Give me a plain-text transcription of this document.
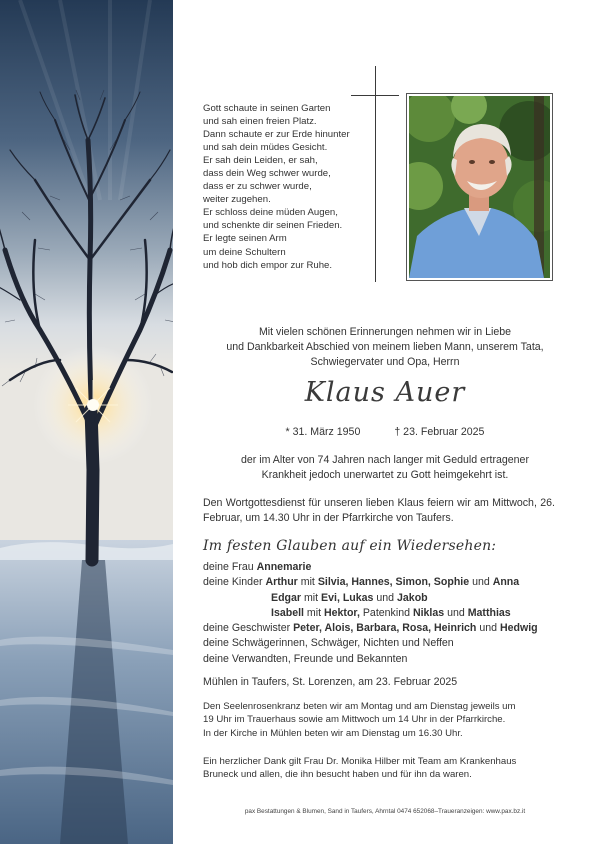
Gott schaute in seinen Garten
und sah einen freien Platz.
Dann schaute er zur Erde hinunter
und sah dein müdes Gesicht.
Er sah dein Leiden, er sah,
dass dein Weg schwer wurde,
dass er zu schwer wurde,
weiter zugehen.
Er schloss deine müden Augen,
und schenkte dir seinen Frieden.
Er legte seinen Arm
um deine Schultern
und hob dich empor zur Ruhe.
Mit vielen schönen Erinnerungen nehmen wir in Liebe
und Dankbarkeit Abschied von meinem lieben Mann, unserem Tata,
Schwiegervater und Opa, Herrn
Klaus Auer
* 31. März 1950	† 23. Februar 2025
der im Alter von 74 Jahren nach langer mit Geduld ertragener
Krankheit jedoch unerwartet zu Gott heimgekehrt ist.
Den Wortgottesdienst für unseren lieben Klaus feiern wir am Mittwoch, 26. Februar, um 14.30 Uhr in der Pfarrkirche von Taufers.
Im festen Glauben auf ein Wiedersehen:
deine Frau Annemarie
deine Kinder Arthur mit Silvia, Hannes, Simon, Sophie und Anna
Edgar mit Evi, Lukas und Jakob
Isabell mit Hektor, Patenkind Niklas und Matthias
deine Geschwister Peter, Alois, Barbara, Rosa, Heinrich und Hedwig
deine Schwägerinnen, Schwäger, Nichten und Neffen
deine Verwandten, Freunde und Bekannten
Mühlen in Taufers, St. Lorenzen, am 23. Februar 2025
Den Seelenrosenkranz beten wir am Montag und am Dienstag jeweils um
19 Uhr im Trauerhaus sowie am Mittwoch um 14 Uhr in der Pfarrkirche.
In der Kirche in Mühlen beten wir am Dienstag um 16.30 Uhr.
Ein herzlicher Dank gilt Frau Dr. Monika Hilber mit Team am Krankenhaus
Bruneck und allen, die ihn besucht haben und für ihn da waren.
pax Bestattungen & Blumen, Sand in Taufers, Ahrntal 0474 652068–Traueranzeigen: www.pax.bz.it
